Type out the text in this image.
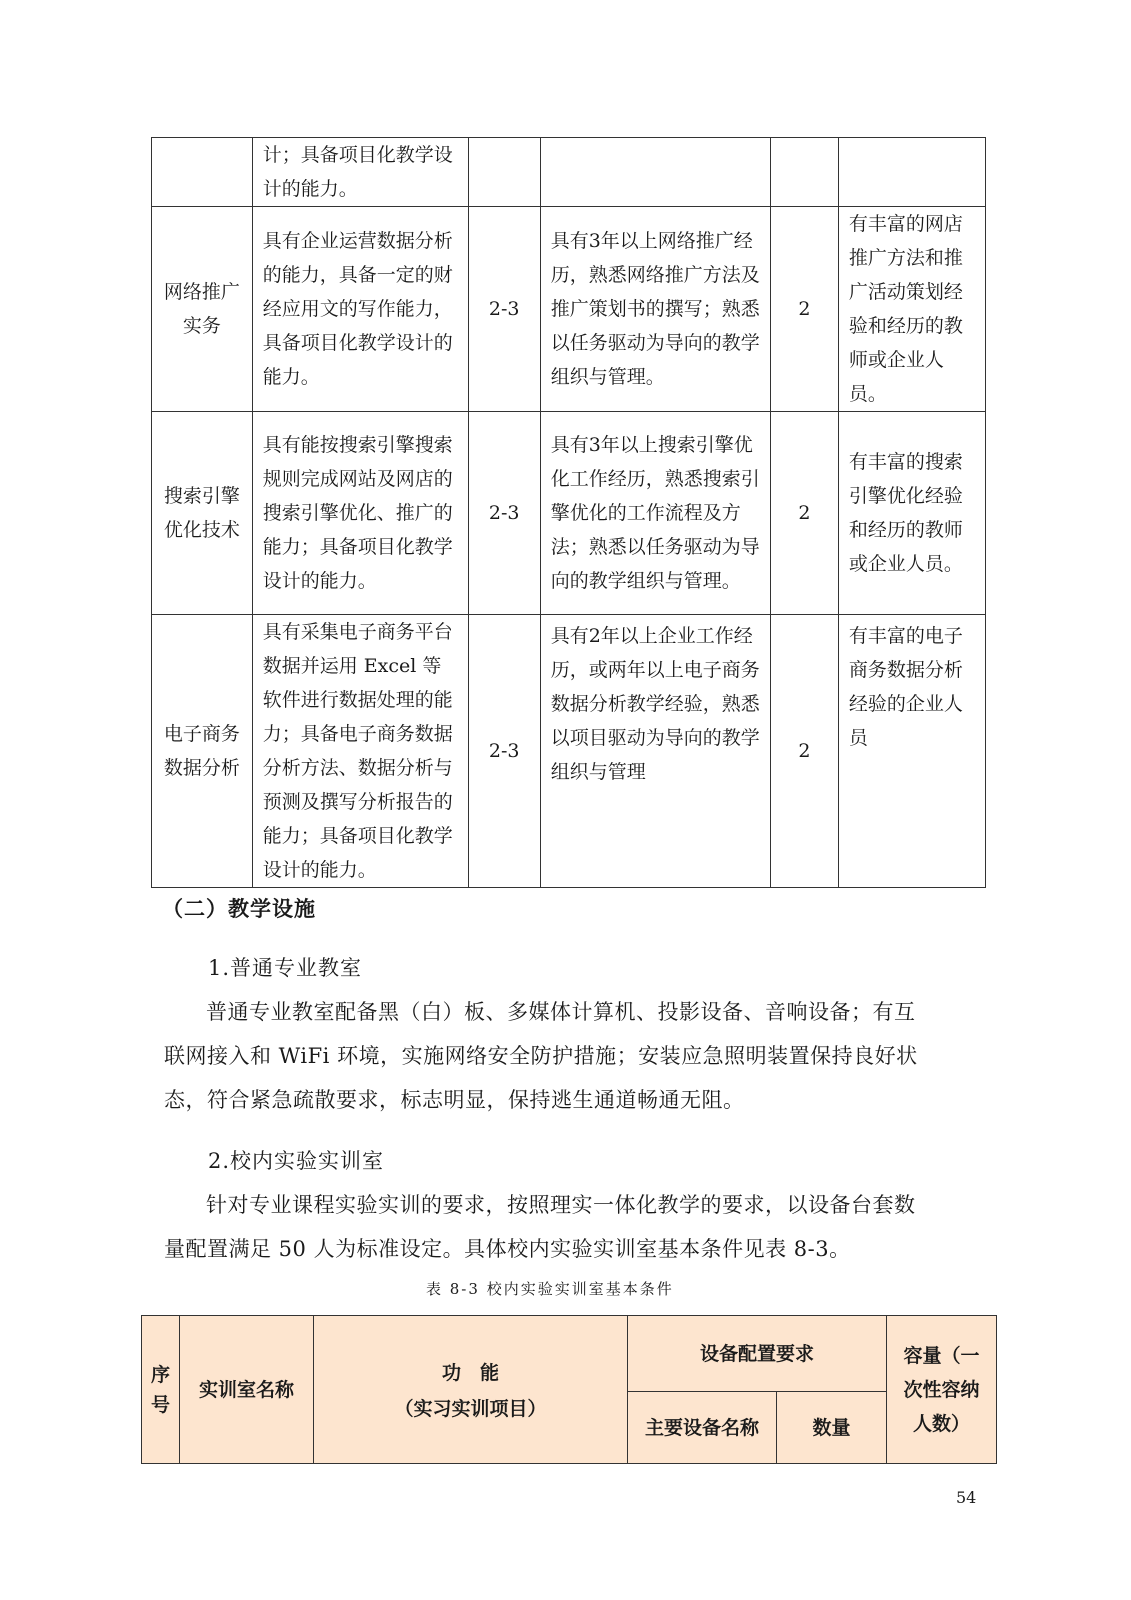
	计；具备项目化教学设计的能力。				
网络推广实务	具有企业运营数据分析的能力，具备一定的财经应用文的写作能力，具备项目化教学设计的能力。	2-3	具有3年以上网络推广经历，熟悉网络推广方法及推广策划书的撰写；熟悉以任务驱动为导向的教学组织与管理。	2	有丰富的网店推广方法和推广活动策划经验和经历的教师或企业人员。
搜索引擎优化技术	具有能按搜索引擎搜索规则完成网站及网店的搜索引擎优化、推广的能力；具备项目化教学设计的能力。	2-3	具有3年以上搜索引擎优化工作经历，熟悉搜索引擎优化的工作流程及方法；熟悉以任务驱动为导向的教学组织与管理。	2	有丰富的搜索引擎优化经验和经历的教师或企业人员。
电子商务数据分析	具有采集电子商务平台数据并运用 Excel 等软件进行数据处理的能力；具备电子商务数据分析方法、数据分析与预测及撰写分析报告的能力；具备项目化教学设计的能力。	2-3	具有2年以上企业工作经历，或两年以上电子商务数据分析教学经验，熟悉以项目驱动为导向的教学组织与管理	2	有丰富的电子商务数据分析经验的企业人员
（二）教学设施
1.普通专业教室

普通专业教室配备黑（白）板、多媒体计算机、投影设备、音响设备；有互

联网接入和 WiFi 环境，实施网络安全防护措施；安装应急照明装置保持良好状

态，符合紧急疏散要求，标志明显，保持逃生通道畅通无阻。

2.校内实验实训室

针对专业课程实验实训的要求，按照理实一体化教学的要求，以设备台套数

量配置满足 50 人为标准设定。具体校内实验实训室基本条件见表 8-3。

表 8-3 校内实验实训室基本条件
序号	实训室名称	功　能
（实习实训项目）	设备配置要求		容量（一次性容纳人数）
			主要设备名称	数量	
54
